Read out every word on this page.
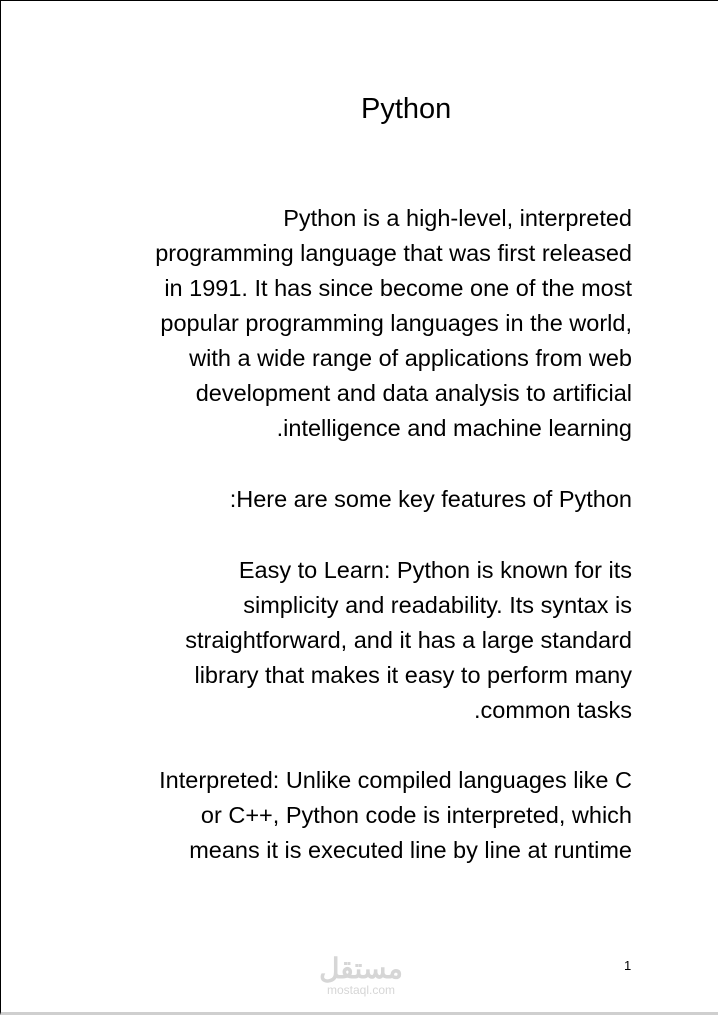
Python
Python is a high-level, interpreted
programming language that was first released
in 1991. It has since become one of the most
popular programming languages in the world,
with a wide range of applications from web
development and data analysis to artificial
.intelligence and machine learning
:Here are some key features of Python
Easy to Learn: Python is known for its
simplicity and readability. Its syntax is
straightforward, and it has a large standard
library that makes it easy to perform many
.common tasks
Interpreted: Unlike compiled languages like C
or C++, Python code is interpreted, which
means it is executed line by line at runtime
مستقل
mostaql.com
1
